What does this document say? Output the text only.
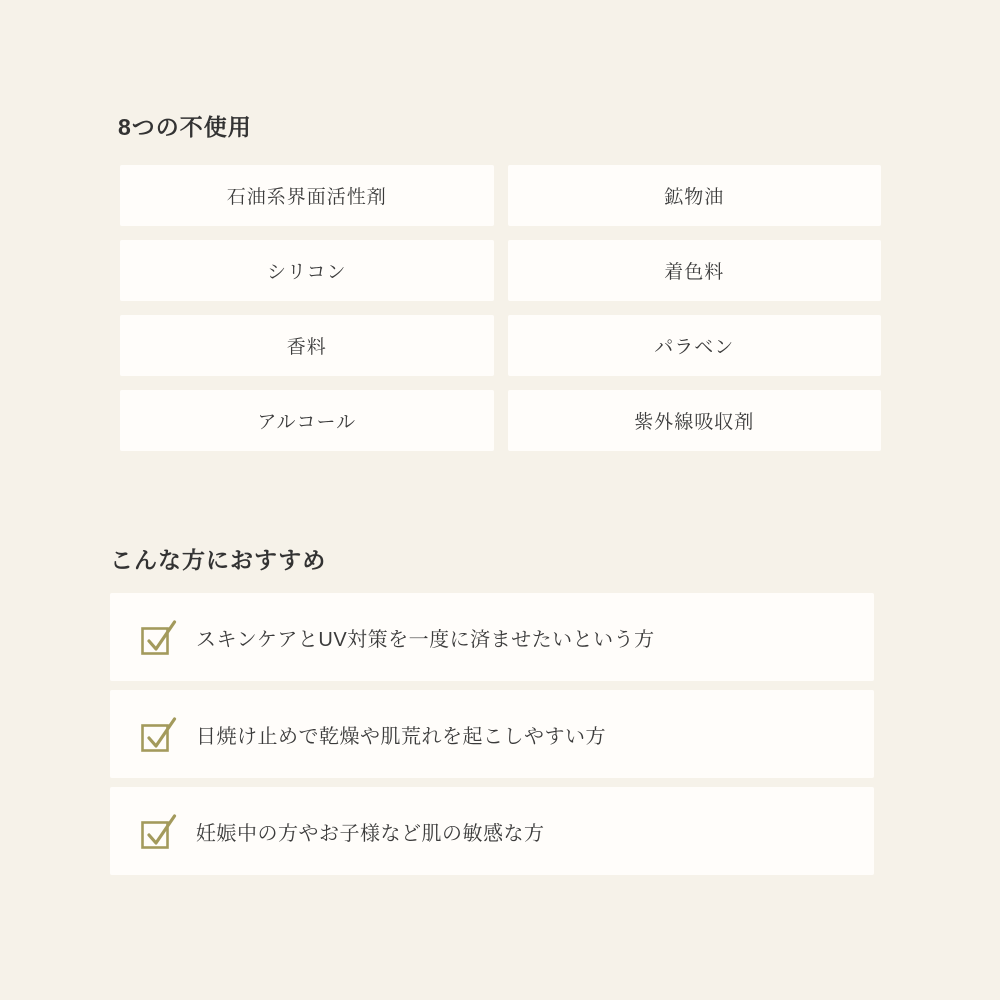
8つの不使用
石油系界面活性剤	鉱物油
シリコン	着色料
香料	パラベン
アルコール	紫外線吸収剤
こんな方におすすめ
スキンケアとUV対策を一度に済ませたいという方
日焼け止めで乾燥や肌荒れを起こしやすい方
妊娠中の方やお子様など肌の敏感な方
